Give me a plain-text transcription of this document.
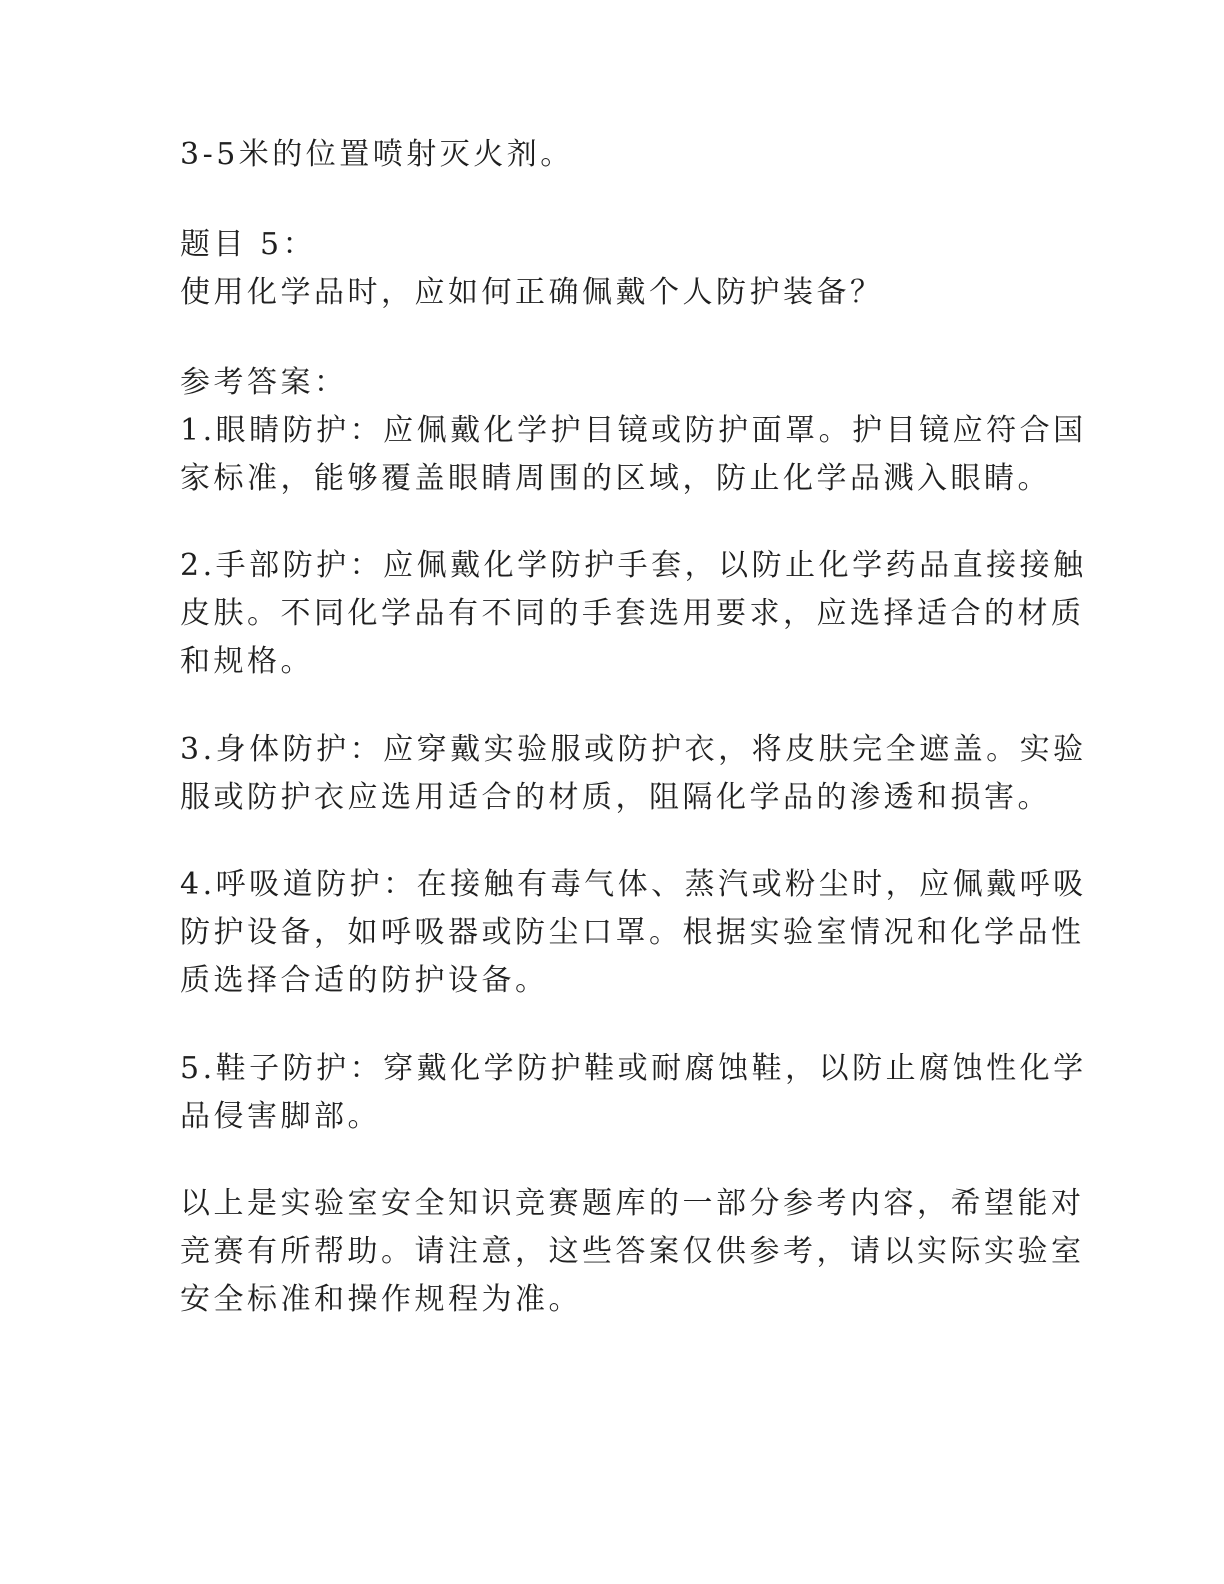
3-5米的位置喷射灭火剂。
题目 5：
使用化学品时，应如何正确佩戴个人防护装备？
参考答案：
1.眼睛防护：应佩戴化学护目镜或防护面罩。护目镜应符合国
家标准，能够覆盖眼睛周围的区域，防止化学品溅入眼睛。
2.手部防护：应佩戴化学防护手套，以防止化学药品直接接触
皮肤。不同化学品有不同的手套选用要求，应选择适合的材质
和规格。
3.身体防护：应穿戴实验服或防护衣，将皮肤完全遮盖。实验
服或防护衣应选用适合的材质，阻隔化学品的渗透和损害。
4.呼吸道防护：在接触有毒气体、蒸汽或粉尘时，应佩戴呼吸
防护设备，如呼吸器或防尘口罩。根据实验室情况和化学品性
质选择合适的防护设备。
5.鞋子防护：穿戴化学防护鞋或耐腐蚀鞋，以防止腐蚀性化学
品侵害脚部。
以上是实验室安全知识竞赛题库的一部分参考内容，希望能对
竞赛有所帮助。请注意，这些答案仅供参考，请以实际实验室
安全标准和操作规程为准。
